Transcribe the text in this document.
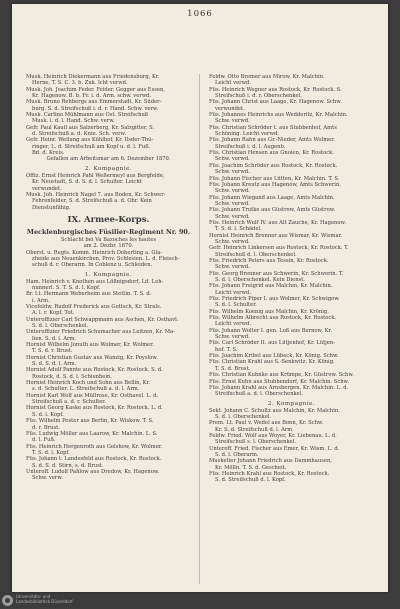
1066
Musk. Heinrich Diekermann aus Friedensburg, Kr.
Herne, T. S. C. 3. b. Zuk. lcht verwd.
Musk. Joh. Joachim Feder. Feider. Gegger aus Essen,
Kr. Hagenow. B. b. Fr. i. d. Arm. schw. verwd.
Musk. Bruno Rehbergs aus Emmerstadt, Kr. Süder-
burg. S. d. Streifschuß i. d. r. Hand. Schw. verw.
Musk. Carlino Mühlmann aus Ost. Streifschuß
Musk. i. d. l. Hand. Schw. verw.
Gefr. Paul Kaufl aus Salzerberg, Kr. Salzgitter, S.
d. Streifschuß a. d. Knie. Sch. verw.
Gefr. Heinr. Weilung aus Kühlhof, Kr. Ilsder-Thü-
ringer, L. d. Streifschuß am Kopf u. d. l. Fuß.
Bd. d. Kreis.
Gefallen am Arbeitsmar am 6. Dezember 1870.
2. Kompagnie.
Offiz. Ernst Heinrich Pahl Weßermeyl aus Bergfelde,
Kr. Neustadt, S. d. S. d. l. Schulter. Leicht
verwundet.
Musk. Joh. Heinrich Nagel 7. aus Boden, Kr. Schwer-
Fehrenfelder, S. d. Streifschuß a. d. Ohr. Kein
Dienstunfähig.
IX. Armee-Korps.
Mecklenburgisches Füsilier-Regiment Nr. 90.
Schlacht bei Va Bazoches les hautes
am 2. Dezbr. 1870.
Oberst. u. Regts. Komm. Heinrich Doherting a. Gla-
zheide aus Neuenkirchen, Prov. Schlesien. L. d. Fleisch-
schuß d. r. Oberarm. In Coblenz u. Schleiden.
1. Kompagnie.
Ham. Heinrich v. Knothen aus Lößnigsdorf, Ld. Leh-
nunnerl. S. T. S. d. l. Kopf.
Br. Lt. Hermann Weberheim aus Stettin. T. S. d.
i. Arm.
Vicefeldw. Rudolf Frederick aus Gottsch, Kr. Strals.
A. l. r. Kopf. Tot.
Unteroffizier Carl Schwappmann aus Aschen, Kr. Osthavl.
S. d. l. Oberschenkel.
Unteroffizier Friedrich Schumacher aus Leitzen, Kr. Ma-
lien. S. d. l. Arm.
Hornist Wilhelm Jonuth aus Wolmer, Kr. Wolmer.
T. S. d. r. Brust.
Hornist Christian Gustav aus Wanzig, Kr. Poyslow.
S. d. S. d. l. Arm.
Hornist Adolf Pannte aus Rostock, Kr. Rostock. S. d.
Rostock, d. S. d. l. Schienbein.
Hornist Heinrich Koch und Sohn aus Bellin, Kr.
s. d. Schulter. L. Streifschuß a. d. l. Arm.
Hornist Karl Wolf aus Müllrose, Kr. Osthavel. L. d.
Streifschuß a. d. r. Schulter.
Hornist Georg Kaske aus Rostock, Kr. Rostock. L. d.
S. d. l. Kopf.
Füs. Wilhelm Poster aus Berlin, Kr. Wiskow. T. S.
d. r. Brust.
Füs. Ludwig Möller aus Laarow, Kr. Malchin. L. S.
d. l. Fuß.
Füs. Heinrich Hergenroth aus Golshow, Kr. Wolmer.
T. S. d. l. Kopf.
Füs. Johann t. Landesfeld aus Rostock, Kr. Rostock.
S. d. S. d. Stirn, s. d. Brust.
Unteroff. Ludolf Pahlow aus Dredow, Kr. Hagenow.
Schw. verw.
Feldw. Otto Bremer aus Mirow, Kr. Malchin.
Leicht verwd.
Füs. Heinrich Wegner aus Rostock, Kr. Rostock. S.
Streifschuß i. d. r. Oberschenkel.
Füs. Johann Christ aus Laage, Kr. Hagenow. Schw.
verwundet.
Füs. Johannes Heinrichs aus Wedderitz, Kr. Malchin.
Schw. verwd.
Füs. Christian Schröder t. aus Stubbenhof, Amts
Schöning. Leicht verwd.
Füs. Johann Rahn aus Gr.-Nieder, Amts Wolmer.
Streifschuß i. d. l. Augenb.
Füs. Christian Hensen aus Gnoien, Kr. Rostock.
Schw. verwd.
Füs. Joachim Schröder aus Rostock, Kr. Rostock.
Schw. verwd.
Füs. Johann Fischer aus Lütten, Kr. Malchin. T. S.
Füs. Johann Kreutz aus Hagenow, Amts Schwerin.
Schw. verwd.
Füs. Johann Wiegand aus Laage, Amts Malchin.
Schw. verwd.
Füs. Johann Trutke aus Güstrow, Amts Güstrow.
Schw. verwd.
Füs. Heinrich Wulf IV. aus Alt Zauche, Kr. Hagenow.
T. S. d. l. Schädel.
Hornist Heinrich Brenner aus Wismar, Kr. Wismar.
Schw. verwd.
Gefr. Heinrich Linkersen aus Rostock, Kr. Rostock. T.
Streifschuß d. l. Oberschenkel.
Füs. Friedrich Peters aus Tessin, Kr. Rostock.
Schw. verwd.
Füs. Georg Brenner aus Schwerin, Kr. Schwerin. T.
S. d. l. Oberschenkel. Kein Dienst.
Füs. Johann Freigrid aus Malchin, Kr. Malchin.
Leicht verwd.
Füs. Friedrich Piper I. aus Wolmer, Kr. Schwigow.
S. d. l. Schulter.
Füs. Wilhelm Koenig aus Malchin, Kr. Krönig.
Füs. Wilhelm Albrecht aus Rostock, Kr. Rostock.
Leicht verwd.
Füs. Johann Wolter I. gen. Loß aus Bernow, Kr.
Schw. verwd.
Füs. Carl Schröder II. aus Lütjenhof, Kr. Lütjen-
hof. T. S.
Füs. Joachim Kribel aus Lübeck, Kr. König. Schw.
Füs. Christian Krahl aus S.-Senkwitz. Kr. König.
T. S. d. Brust.
Füs. Christian Kuhnke aus Krümpe, Kr. Güstrow. Schw.
Füs. Ernst Kuhn aus Stubbendorf, Kr. Malchin. Schw.
Füs. Johann Krahl aus Arnsbergen, Kr. Malchin. L. d.
Streifschuß a. d. l. Oberschenkel.
2. Kompagnie.
Sekt. Johann C. Schultz aus Malchin, Kr. Malchin.
S. d. l. Oberschenkel.
Prem. Lt. Paul v. Wedel aus Bonn, Kr. Schw.
Kr. S. d. Streifschuß d. l. Arm.
Feldw. Fried. Wolf aus Woyer, Kr. Liebenau. L. d.
Streifschuß s. l. Oberschenkel.
Unteroff. Fried. Fischer aus Emer, Kr. Wism. L. d.
S. d. l. Oberarm.
Musketier Johann Friedrich aus Dammhausen,
Kr. Mölln. T. S. d. Gescheit.
Füs. Heinrich Krahl aus Rostock, Kr. Rostock.
S. d. Streifschuß d. l. Kopf.
Universitäts- und
Landesbibliothek Düsseldorf
